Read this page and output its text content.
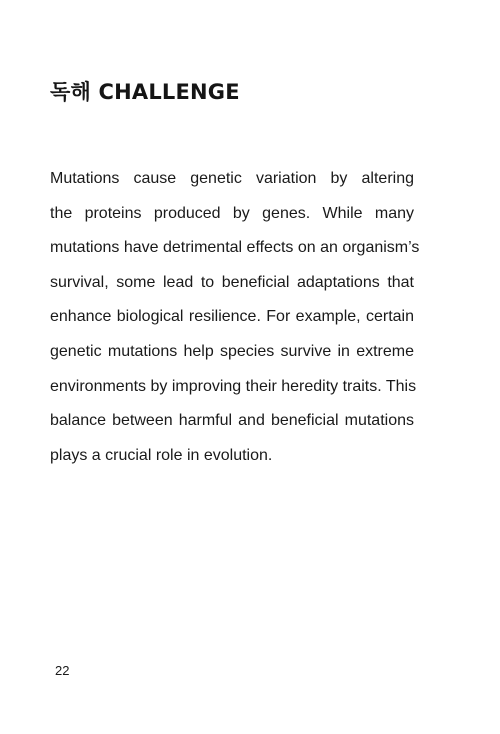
독해 CHALLENGE
Mutations cause genetic variation by altering
the proteins produced by genes. While many
mutations have detrimental effects on an organism’s
survival, some lead to beneficial adaptations that
enhance biological resilience. For example, certain
genetic mutations help species survive in extreme
environments by improving their heredity traits. This
balance between harmful and beneficial mutations
plays a crucial role in evolution.
22
